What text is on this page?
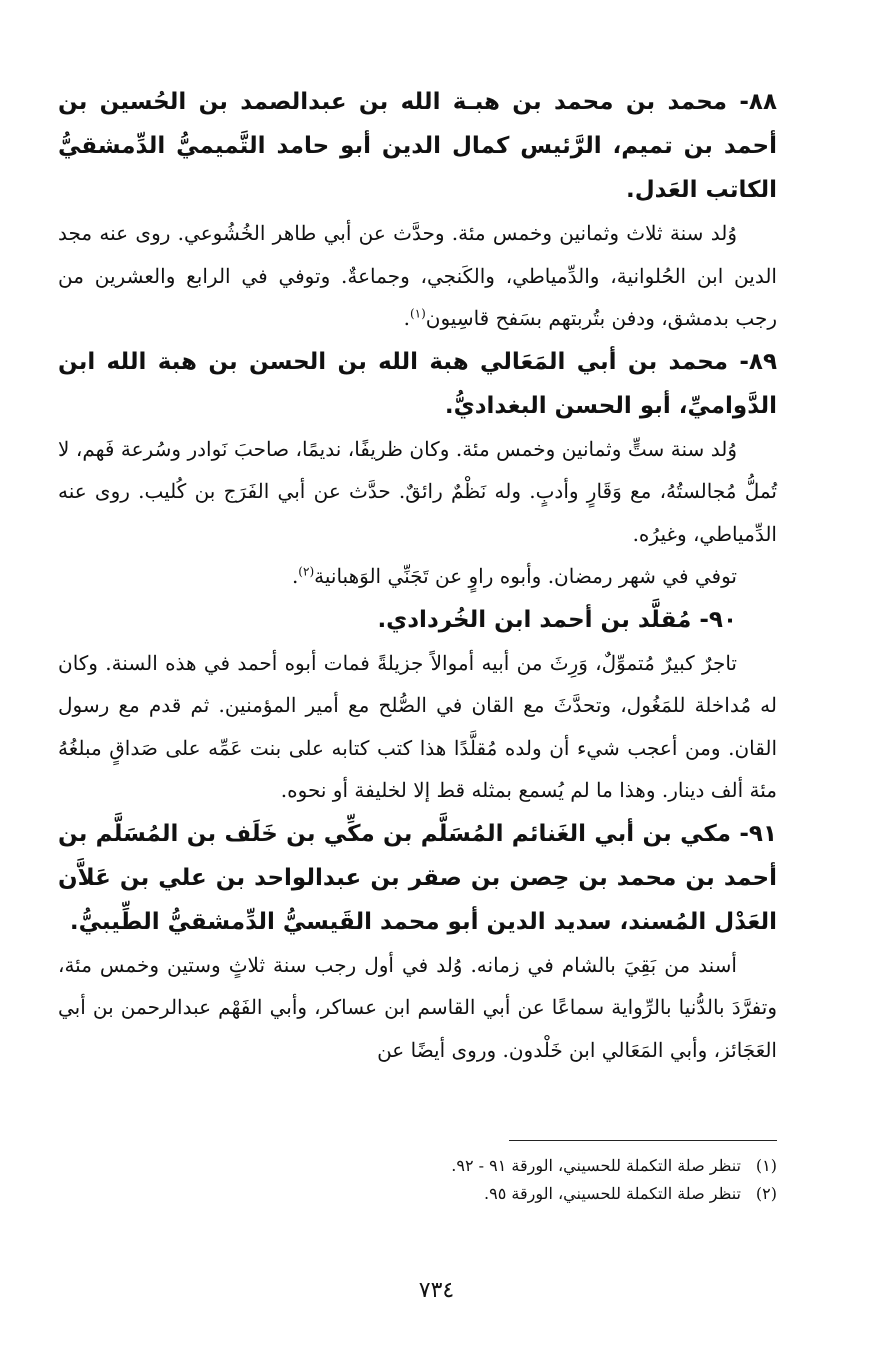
٨٨- محمد بن محمد بن هبـة الله بن عبدالصمد بن الحُسين بن أحمد بن تميم، الرَّئيس كمال الدين أبو حامد التَّميميُّ الدِّمشقيُّ الكاتب العَدل.

وُلد سنة ثلاث وثمانين وخمس مئة. وحدَّث عن أبي طاهر الخُشُوعي. روى عنه مجد الدين ابن الحُلوانية، والدِّمياطي، والكَنجي، وجماعةٌ. وتوفي في الرابع والعشرين من رجب بدمشق، ودفن بتُربتهم بسَفح قاسِيون$^{(١)}$.

٨٩- محمد بن أبي المَعَالي هبة الله بن الحسن بن هبة الله ابن الدَّواميِّ، أبو الحسن البغداديُّ.

وُلد سنة ستٍّ وثمانين وخمس مئة. وكان ظريفًا، نديمًا، صاحبَ نَوادر وسُرعة فَهم، لا تُملُّ مُجالستُهُ، مع وَقَارٍ وأدبٍ. وله نَظْمٌ رائقٌ. حدَّث عن أبي الفَرَج بن كُليب. روى عنه الدِّمياطي، وغيرُه.

توفي في شهر رمضان. وأبوه راوٍ عن تَجَنِّي الوَهبانية$^{(٢)}$.

٩٠- مُقلَّد بن أحمد ابن الخُردادي.

تاجرٌ كبيرٌ مُتموِّلٌ، وَرِثَ من أبيه أموالاً جزيلةً فمات أبوه أحمد في هذه السنة. وكان له مُداخلة للمَغُول، وتحدَّثَ مع القان في الصُّلح مع أمير المؤمنين. ثم قدم مع رسول القان. ومن أعجب شيء أن ولده مُقلَّدًا هذا كتب كتابه على بنت عَمِّه على صَداقٍ مبلغُهُ مئة ألف دينار. وهذا ما لم يُسمع بمثله قط إلا لخليفة أو نحوه.

٩١- مكي بن أبي الغَنائم المُسَلَّم بن مكِّي بن خَلَف بن المُسَلَّم بن أحمد بن محمد بن حِصن بن صقر بن عبدالواحد بن علي بن عَلاَّن العَدْل المُسند، سديد الدين أبو محمد القَيسيُّ الدِّمشقيُّ الطِّيبيُّ.

أسند من بَقِيَ بالشام في زمانه. وُلد في أول رجب سنة ثلاثٍ وستين وخمس مئة، وتفرَّدَ بالدُّنيا بالرِّواية سماعًا عن أبي القاسم ابن عساكر، وأبي الفَهْم عبدالرحمن بن أبي العَجَائز، وأبي المَعَالي ابن خَلْدون. وروى أيضًا عن

(١)تنظر صلة التكملة للحسيني، الورقة ٩١ - ٩٢.

(٢)تنظر صلة التكملة للحسيني، الورقة ٩٥.

٧٣٤
